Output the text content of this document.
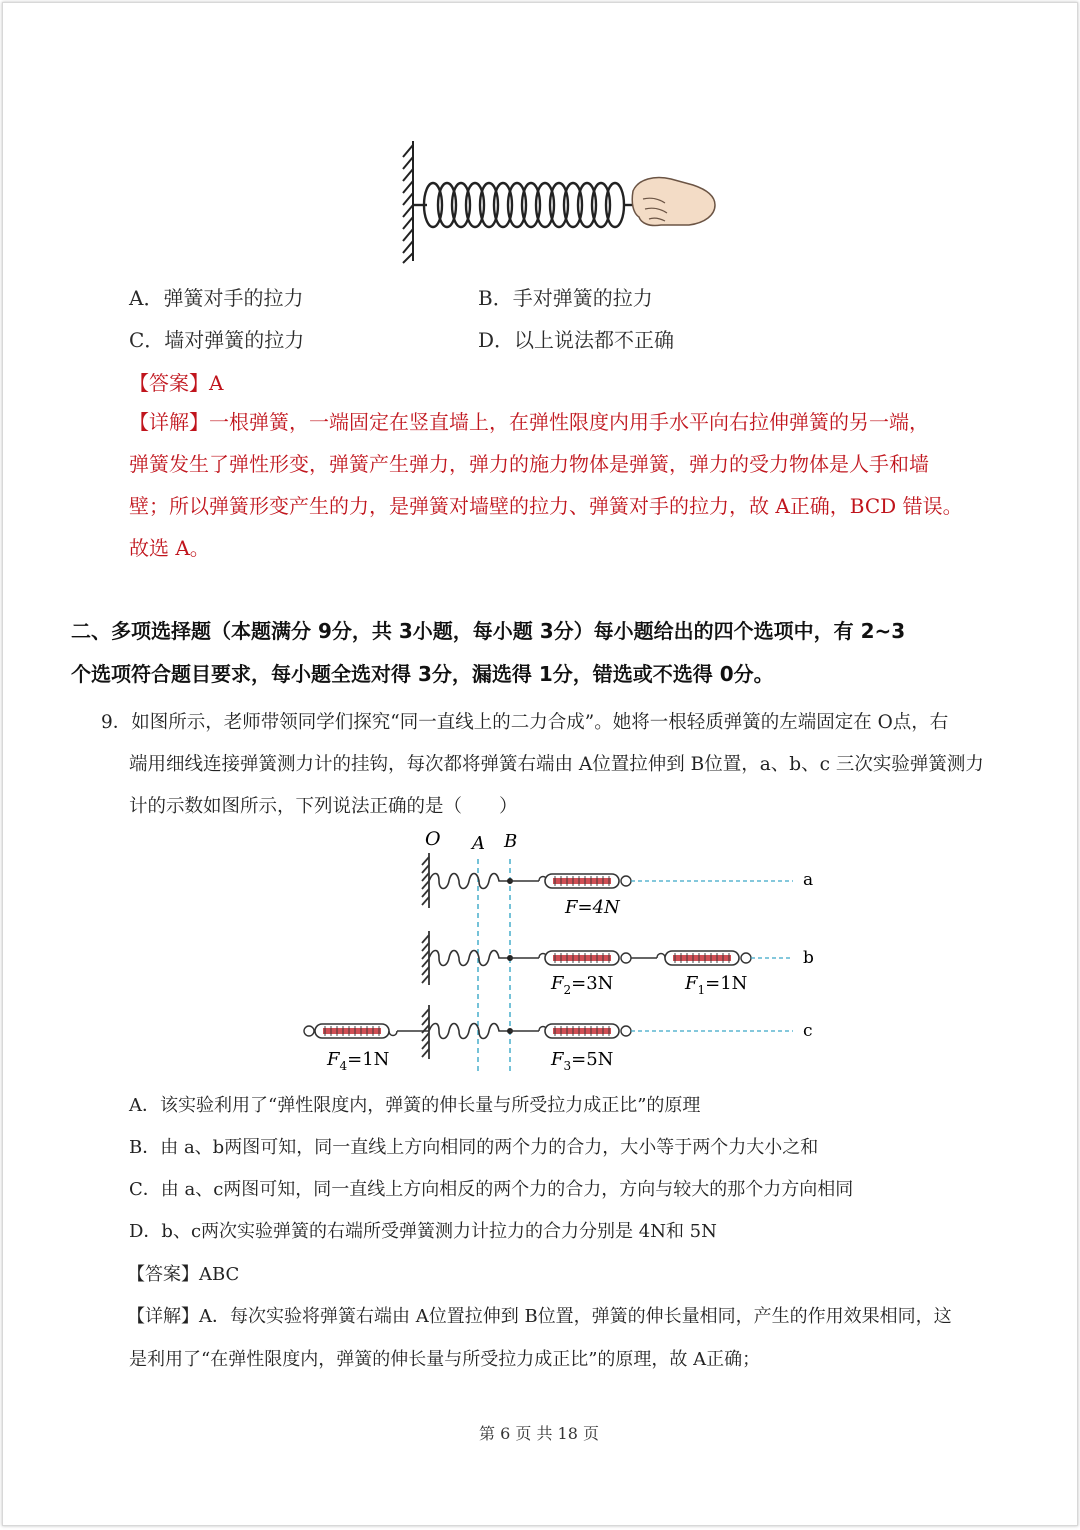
A．弹簧对手的拉力	B．手对弹簧的拉力
C．墙对弹簧的拉力	D．以上说法都不正确
【答案】A
【详解】一根弹簧，一端固定在竖直墙上，在弹性限度内用手水平向右拉伸弹簧的另一端，
弹簧发生了弹性形变，弹簧产生弹力，弹力的施力物体是弹簧，弹力的受力物体是人手和墙
壁；所以弹簧形变产生的力，是弹簧对墙壁的拉力、弹簧对手的拉力，故 A正确，BCD 错误。
故选 A。
二、多项选择题（本题满分 9分，共 3小题，每小题 3分）每小题给出的四个选项中，有 2~3
个选项符合题目要求，每小题全选对得 3分，漏选得 1分，错选或不选得 0分。
9．如图所示，老师带领同学们探究“同一直线上的二力合成”。她将一根轻质弹簧的左端固定在 O点，右
端用细线连接弹簧测力计的挂钩，每次都将弹簧右端由 A位置拉伸到 B位置，a、b、c 三次实验弹簧测力
计的示数如图所示，下列说法正确的是（　　）
O A B
a
F=4N
b
$F_2=3N$	$F_1=1N$
c
$F_4=1N$	$F_3=5N$
A．该实验利用了“弹性限度内，弹簧的伸长量与所受拉力成正比”的原理
B．由 a、b两图可知，同一直线上方向相同的两个力的合力，大小等于两个力大小之和
C．由 a、c两图可知，同一直线上方向相反的两个力的合力，方向与较大的那个力方向相同
D．b、c两次实验弹簧的右端所受弹簧测力计拉力的合力分别是 4N和 5N
【答案】ABC
【详解】A．每次实验将弹簧右端由 A位置拉伸到 B位置，弹簧的伸长量相同，产生的作用效果相同，这
是利用了“在弹性限度内，弹簧的伸长量与所受拉力成正比”的原理，故 A正确；
第 6 页 共 18 页
